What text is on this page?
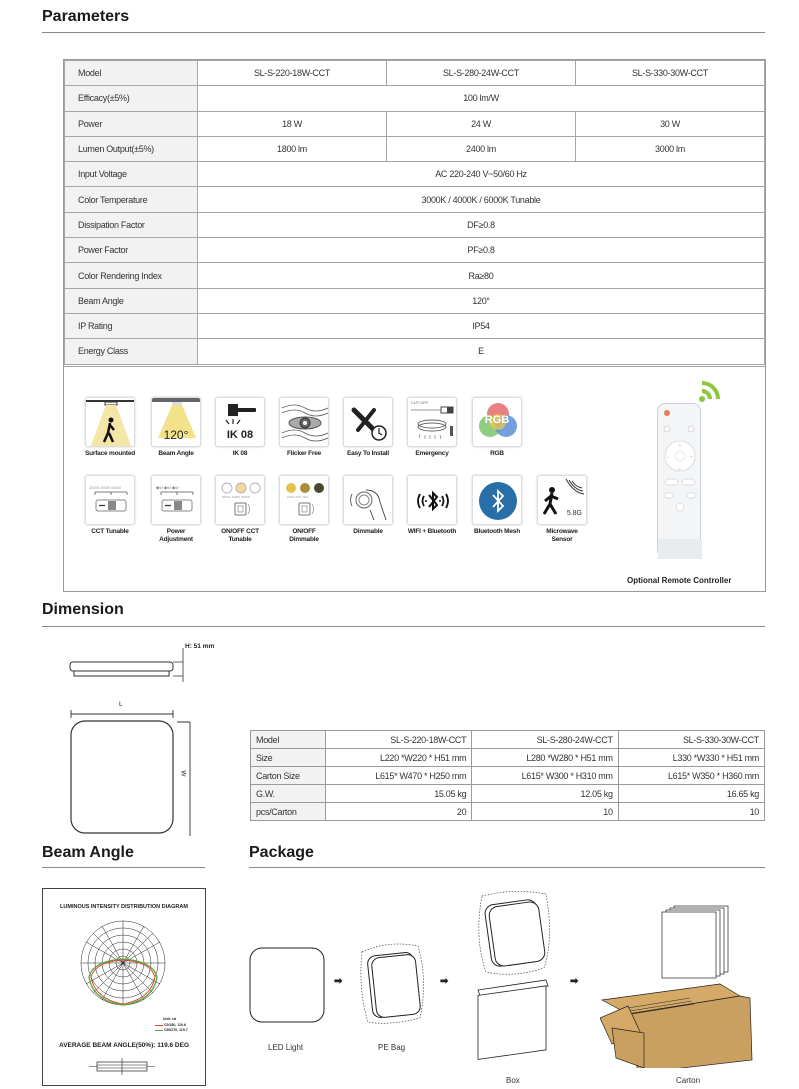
Parameters
Model	SL-S-220-18W-CCT	SL-S-280-24W-CCT	SL-S-330-30W-CCT
Efficacy(±5%)	100 lm/W		
Power	18 W	24 W	30 W
Lumen Output(±5%)	1800 lm	2400 lm	3000 lm
Input Voltage	AC 220-240 V~50/60 Hz		
Color Temperature	3000K / 4000K / 6000K Tunable		
Dissipation Factor	DF≥0.8		
Power Factor	PF≥0.8		
Color Rendering Index	Ra≥80		
Beam Angle	120°		
IP Rating	IP54		
Energy Class	E		
Surface mounted
120°
Beam Angle
IK 08
IK 08	Flicker Free	Easy To Install
CUT OFF
Emergency
RGB
RGB
3000K 4000K 6000K
CCT Tunable
◆W ◆W ◆W
Power Adjustment
6000K 4000K 3000K
ON/OFF CCT Tunable
100% 60% 10%
ON/OFF Dimmable
Dimmable	WIFI + Bluetooth	Bluetooth Mesh
5.8G
Microwave Sensor
☼
☼
–	+
Optional Remote Controller
Dimension
H: 51 mm
L
W
Model	SL-S-220-18W-CCT	SL-S-280-24W-CCT	SL-S-330-30W-CCT
Size	L220 *W220 * H51 mm	L280 *W280 * H51 mm	L330 *W330 * H51 mm
Carton Size	L615* W470 * H250 mm	L615* W300 * H310 mm	L615* W350 * H360 mm
G.W.	15.05 kg	12.05 kg	16.65 kg
pcs/Carton	20	10	10
Beam Angle
LUMINOUS INTENSITY DISTRIBUTION DIAGRAM
Unit: cd
C0/180, 119.6
C90/270, 119.7
AVERAGE BEAM ANGLE(50%): 119.6 DEG
Package
LED Light
➡
PE Bag
➡
Box
➡
Carton
